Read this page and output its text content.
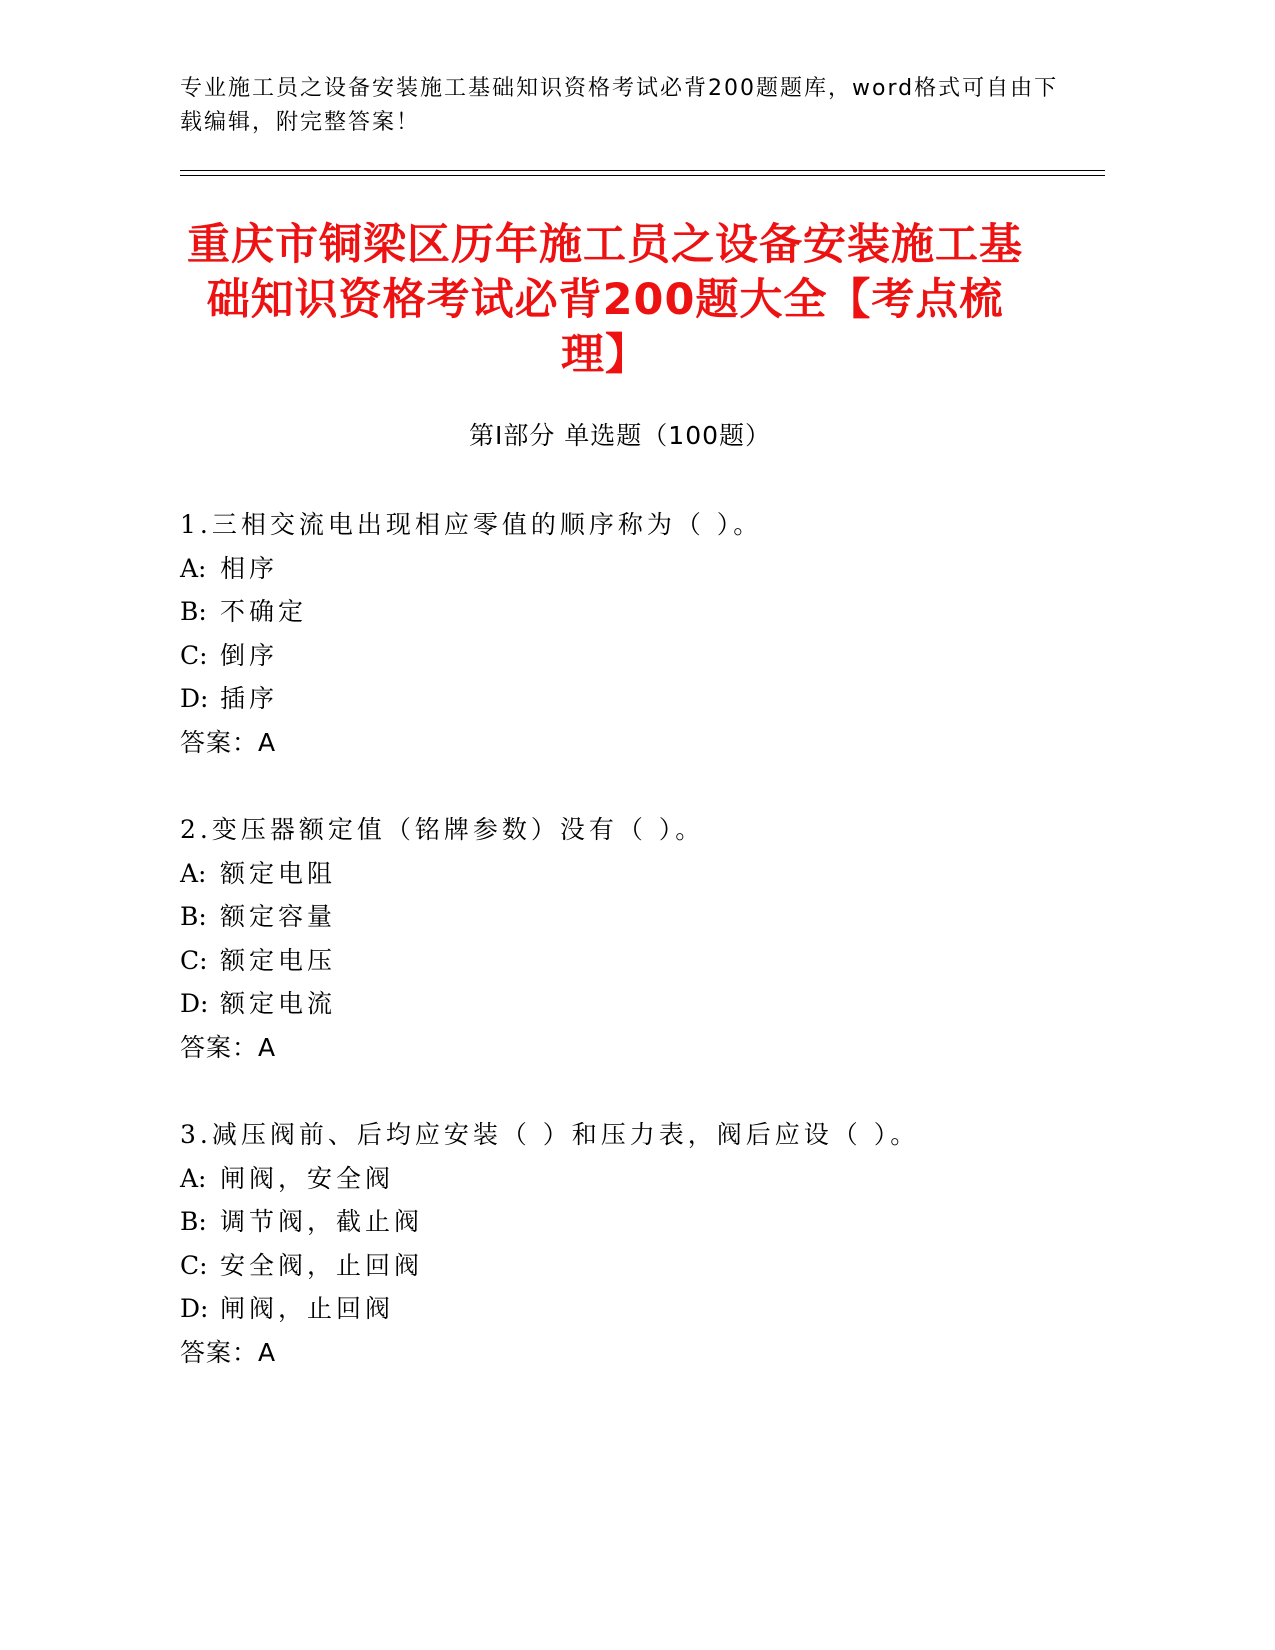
专业施工员之设备安装施工基础知识资格考试必背200题题库，word格式可自由下载编辑，附完整答案！
重庆市铜梁区历年施工员之设备安装施工基础知识资格考试必背200题大全【考点梳理】
第Ⅰ部分 单选题（100题）
1.三相交流电出现相应零值的顺序称为（ ）。
A: 相序
B: 不确定
C: 倒序
D: 插序
答案：A
2.变压器额定值（铭牌参数）没有（ ）。
A: 额定电阻
B: 额定容量
C: 额定电压
D: 额定电流
答案：A
3.减压阀前、后均应安装（ ）和压力表，阀后应设（ ）。
A: 闸阀，安全阀
B: 调节阀，截止阀
C: 安全阀，止回阀
D: 闸阀，止回阀
答案：A
